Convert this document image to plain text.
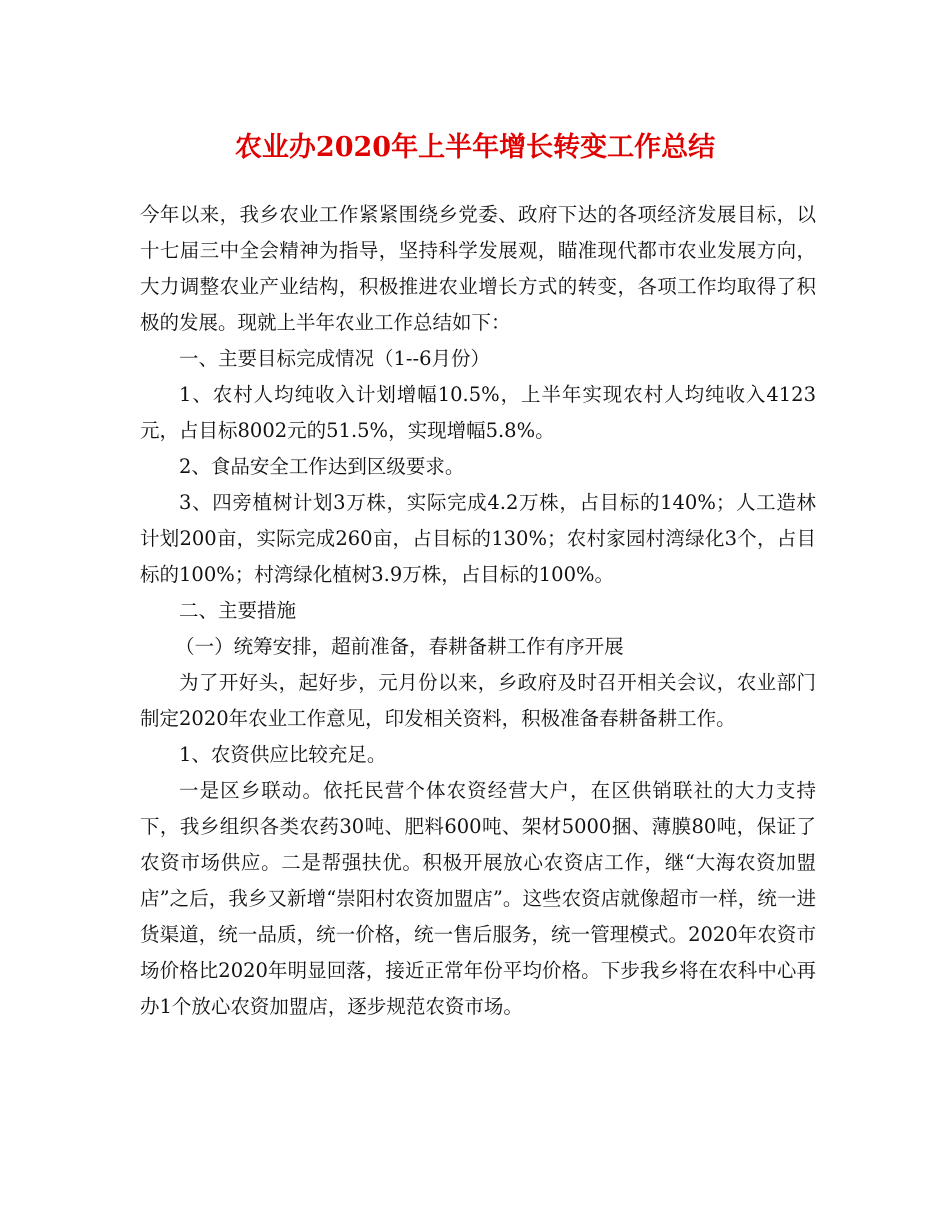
农业办2020年上半年增长转变工作总结

今年以来，我乡农业工作紧紧围绕乡党委、政府下达的各项经济发展目标，以十七届三中全会精神为指导，坚持科学发展观，瞄准现代都市农业发展方向，大力调整农业产业结构，积极推进农业增长方式的转变，各项工作均取得了积极的发展。现就上半年农业工作总结如下：

一、主要目标完成情况（1--6月份）

1、农村人均纯收入计划增幅10.5%，上半年实现农村人均纯收入4123元，占目标8002元的51.5%，实现增幅5.8%。

2、食品安全工作达到区级要求。

3、四旁植树计划3万株，实际完成4.2万株，占目标的140%；人工造林计划200亩，实际完成260亩，占目标的130%；农村家园村湾绿化3个，占目标的100%；村湾绿化植树3.9万株，占目标的100%。

二、主要措施

（一）统筹安排，超前准备，春耕备耕工作有序开展

为了开好头，起好步，元月份以来，乡政府及时召开相关会议，农业部门制定2020年农业工作意见，印发相关资料，积极准备春耕备耕工作。

1、农资供应比较充足。

一是区乡联动。依托民营个体农资经营大户，在区供销联社的大力支持下，我乡组织各类农药30吨、肥料600吨、架材5000捆、薄膜80吨，保证了农资市场供应。二是帮强扶优。积极开展放心农资店工作，继“大海农资加盟店”之后，我乡又新增“崇阳村农资加盟店”。这些农资店就像超市一样，统一进货渠道，统一品质，统一价格，统一售后服务，统一管理模式。2020年农资市场价格比2020年明显回落，接近正常年份平均价格。下步我乡将在农科中心再办1个放心农资加盟店，逐步规范农资市场。
